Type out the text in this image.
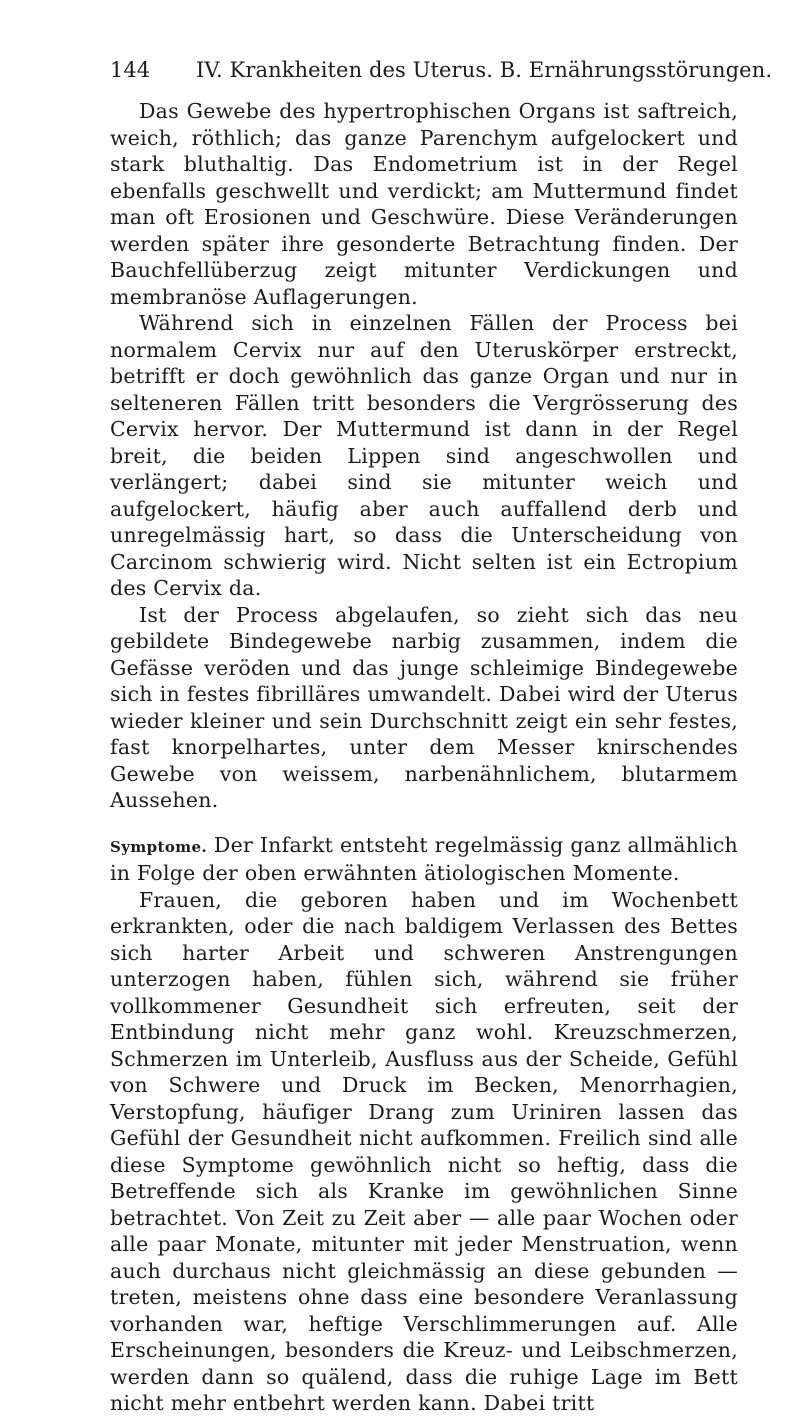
144 IV. Krankheiten des Uterus. B. Ernährungsstörungen.

Das Gewebe des hypertrophischen Organs ist saftreich, weich, röthlich; das ganze Parenchym aufgelockert und stark bluthaltig. Das Endometrium ist in der Regel ebenfalls geschwellt und verdickt; am Muttermund findet man oft Erosionen und Geschwüre. Diese Veränderungen werden später ihre gesonderte Betrachtung finden. Der Bauchfellüberzug zeigt mitunter Verdickungen und membranöse Auflagerungen.

Während sich in einzelnen Fällen der Process bei normalem Cervix nur auf den Uteruskörper erstreckt, betrifft er doch gewöhnlich das ganze Organ und nur in selteneren Fällen tritt besonders die Vergrösserung des Cervix hervor. Der Muttermund ist dann in der Regel breit, die beiden Lippen sind angeschwollen und verlängert; dabei sind sie mitunter weich und aufgelockert, häufig aber auch auffallend derb und unregelmässig hart, so dass die Unterscheidung von Carcinom schwierig wird. Nicht selten ist ein Ectropium des Cervix da.

Ist der Process abgelaufen, so zieht sich das neu gebildete Bindegewebe narbig zusammen, indem die Gefässe veröden und das junge schleimige Bindegewebe sich in festes fibrilläres umwandelt. Dabei wird der Uterus wieder kleiner und sein Durchschnitt zeigt ein sehr festes, fast knorpelhartes, unter dem Messer knirschendes Gewebe von weissem, narbenähnlichem, blutarmem Aussehen.

Symptome. Der Infarkt entsteht regelmässig ganz allmählich in Folge der oben erwähnten ätiologischen Momente.

Frauen, die geboren haben und im Wochenbett erkrankten, oder die nach baldigem Verlassen des Bettes sich harter Arbeit und schweren Anstrengungen unterzogen haben, fühlen sich, während sie früher vollkommener Gesundheit sich erfreuten, seit der Entbindung nicht mehr ganz wohl. Kreuzschmerzen, Schmerzen im Unterleib, Ausfluss aus der Scheide, Gefühl von Schwere und Druck im Becken, Menorrhagien, Verstopfung, häufiger Drang zum Uriniren lassen das Gefühl der Gesundheit nicht aufkommen. Freilich sind alle diese Symptome gewöhnlich nicht so heftig, dass die Betreffende sich als Kranke im gewöhnlichen Sinne betrachtet. Von Zeit zu Zeit aber — alle paar Wochen oder alle paar Monate, mitunter mit jeder Menstruation, wenn auch durchaus nicht gleichmässig an diese gebunden — treten, meistens ohne dass eine besondere Veranlassung vorhanden war, heftige Verschlimmerungen auf. Alle Erscheinungen, besonders die Kreuz- und Leibschmerzen, werden dann so quälend, dass die ruhige Lage im Bett nicht mehr entbehrt werden kann. Dabei tritt
